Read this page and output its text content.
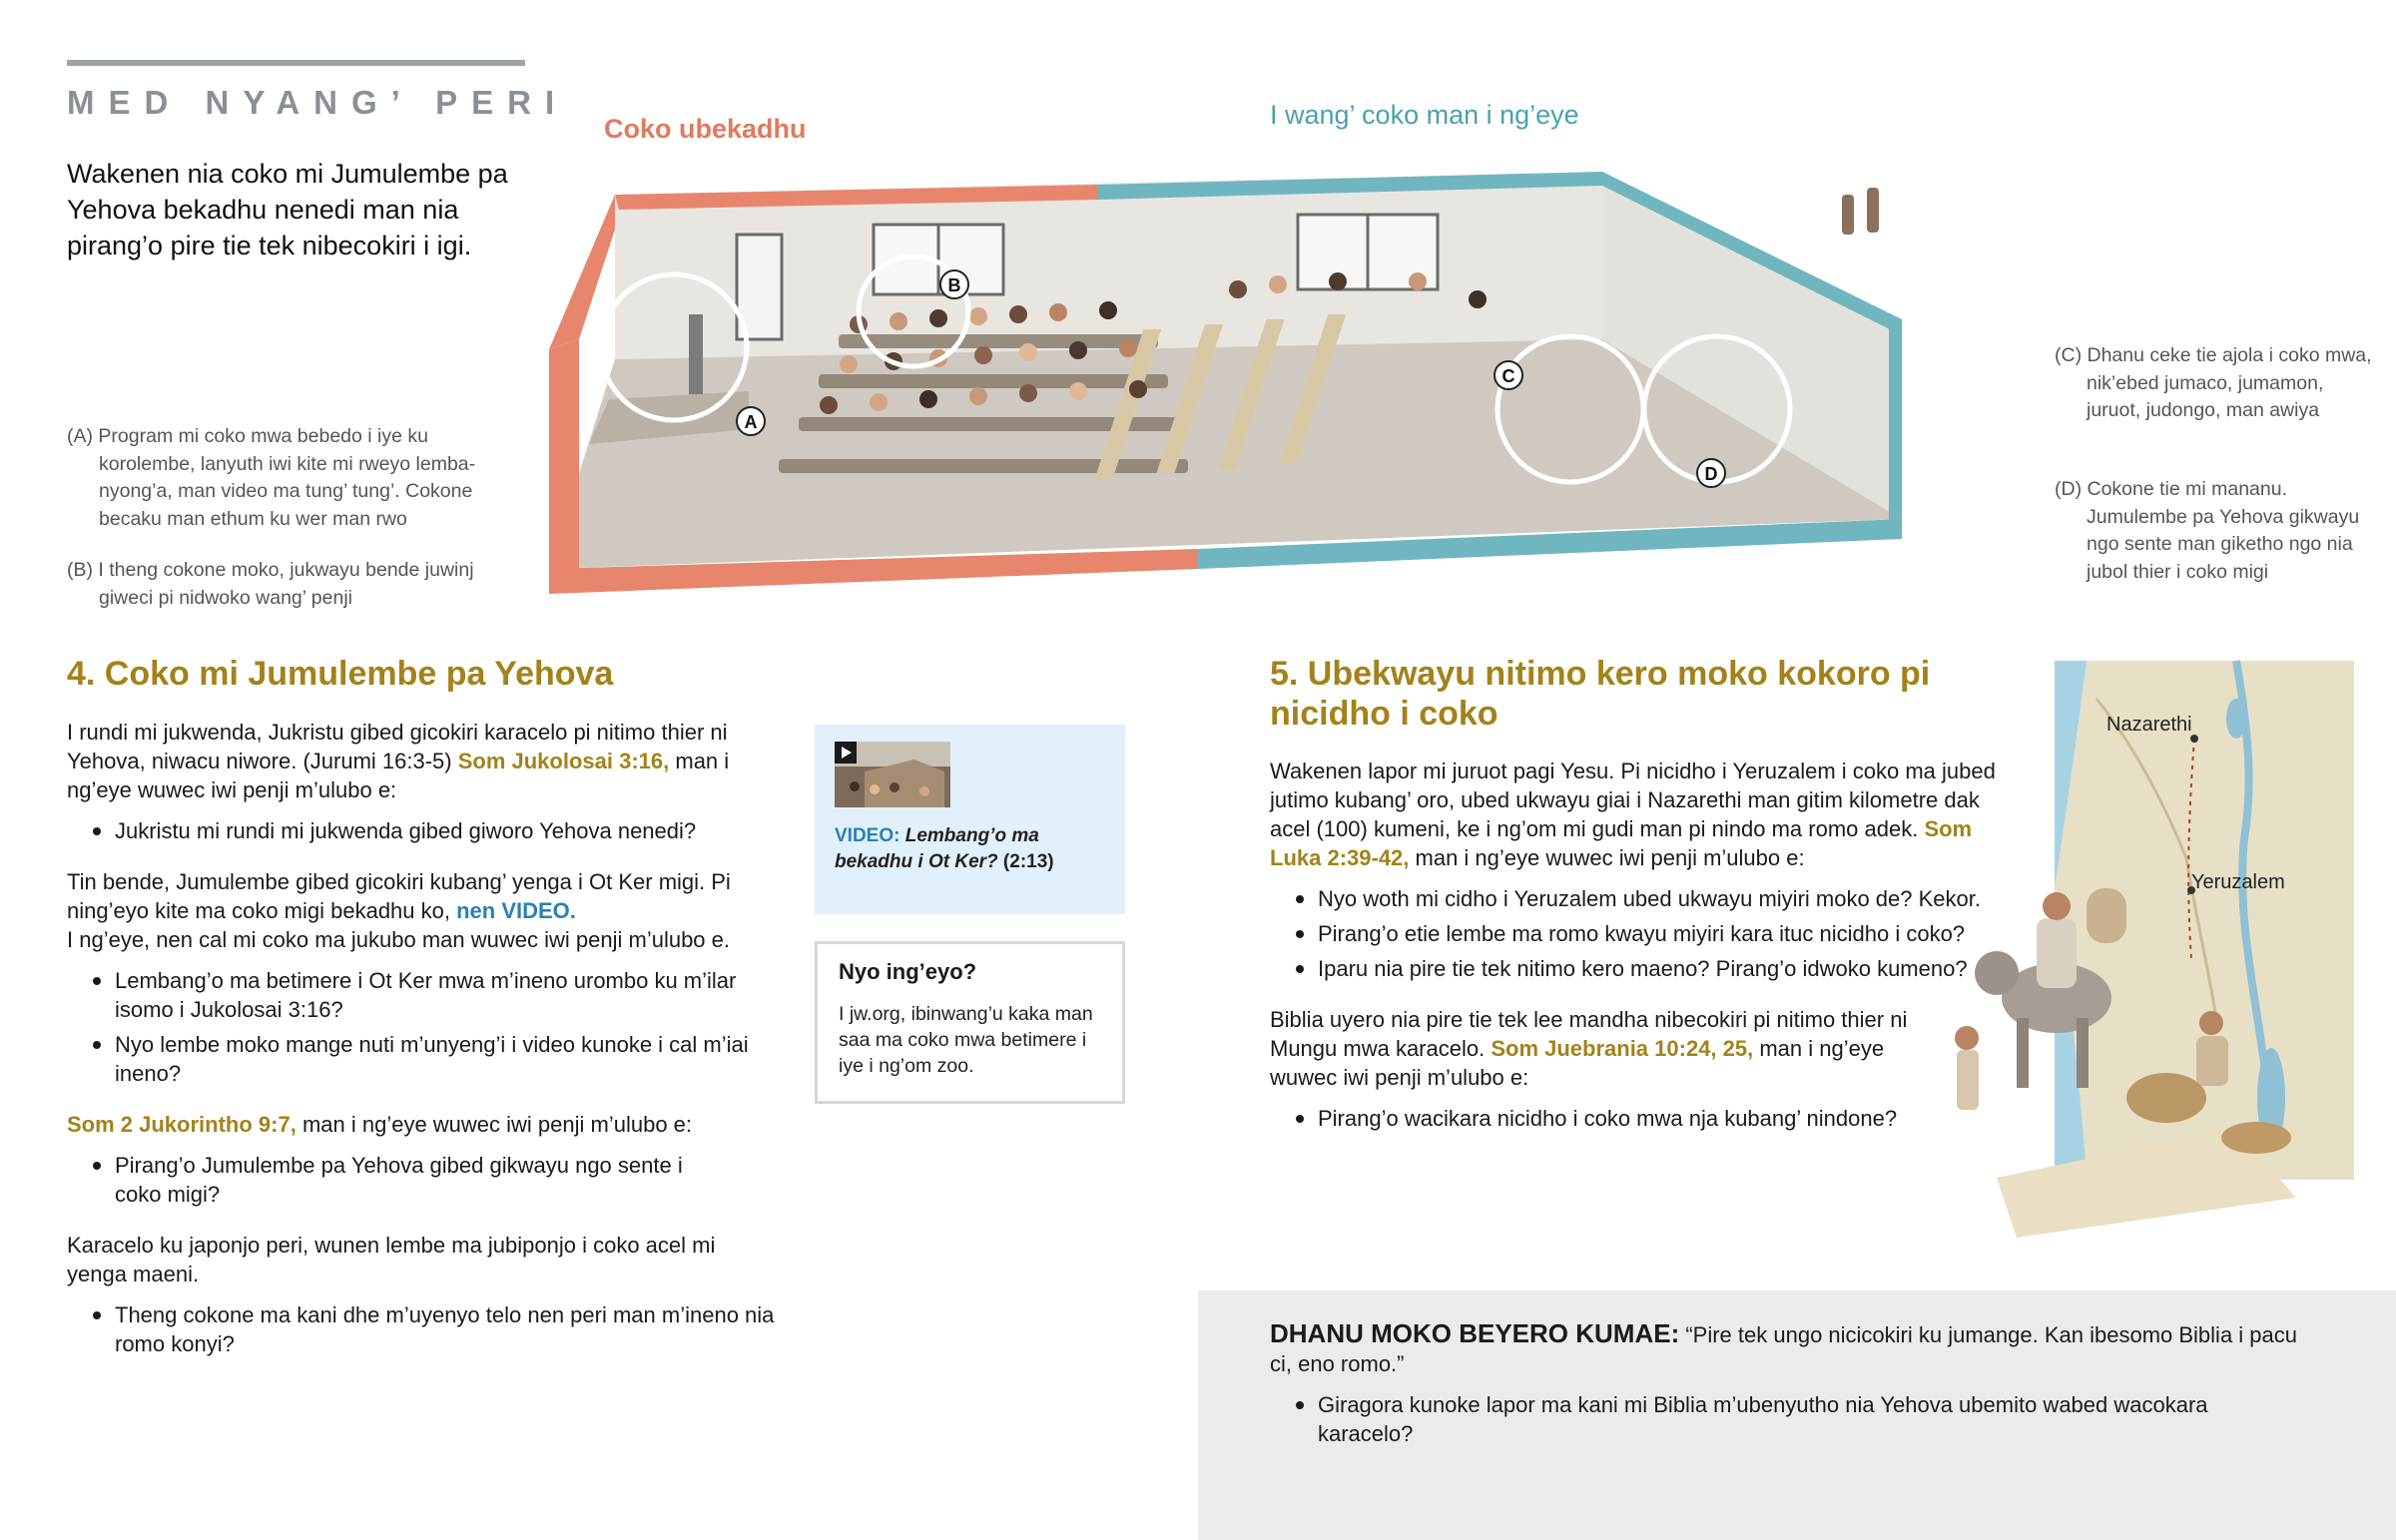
MED NYANG’ PERI
Wakenen nia coko mi Jumulembe pa Yehova bekadhu nenedi man nia pirang’o pire tie tek nibecokiri i igi.
Coko ubekadhu	I wang’ coko man i ng’eye
A
B
C
D

(A) Program mi coko mwa bebedo i iye ku korolembe, lanyuth iwi kite mi rweyo lembanyong’a, man video ma tung’ tung’. Cokone becaku man ethum ku wer man rwo

(B) I theng cokone moko, jukwayu bende juwinj giweci pi nidwoko wang’ penji

(C) Dhanu ceke tie ajola i coko mwa, nik’ebed jumaco, jumamon, juruot, judongo, man awiya

(D) Cokone tie mi mananu. Jumulembe pa Yehova gikwayu ngo sente man giketho ngo nia jubol thier i coko migi

4. Coko mi Jumulembe pa Yehova

I rundi mi jukwenda, Jukristu gibed gicokiri karacelo pi nitimo thier ni Yehova, niwacu niwore. (Jurumi 16:3-5) Som Jukolosai 3:16, man i ng’eye wuwec iwi penji m’ulubo e:

Jukristu mi rundi mi jukwenda gibed giworo Yehova nenedi?

Tin bende, Jumulembe gibed gicokiri kubang’ yenga i Ot Ker migi. Pi ning’eyo kite ma coko migi bekadhu ko, nen VIDEO.
I ng’eye, nen cal mi coko ma jukubo man wuwec iwi penji m’ulubo e.

Lembang’o ma betimere i Ot Ker mwa m’ineno urombo ku m’ilar isomo i Jukolosai 3:16?

Nyo lembe moko mange nuti m’unyeng’i i video kunoke i cal m’iai ineno?

Som 2 Jukorintho 9:7, man i ng’eye wuwec iwi penji m’ulubo e:

Pirang’o Jumulembe pa Yehova gibed gikwayu ngo sente i coko migi?

Karacelo ku japonjo peri, wunen lembe ma jubiponjo i coko acel mi yenga maeni.

Theng cokone ma kani dhe m’uyenyo telo nen peri man m’ineno nia romo konyi?

VIDEO: Lembang’o ma bekadhu i Ot Ker? (2:13)
Nyo ing’eyo?
I jw.org, ibinwang’u kaka man saa ma coko mwa betimere i iye i ng’om zoo.
5. Ubekwayu nitimo kero moko kokoro pi nicidho i coko

Wakenen lapor mi juruot pagi Yesu. Pi nicidho i Yeruzalem i coko ma jubed jutimo kubang’ oro, ubed ukwayu giai i Nazarethi man gitim kilometre dak acel (100) kumeni, ke i ng’om mi gudi man pi nindo ma romo adek. Som Luka 2:39-42, man i ng’eye wuwec iwi penji m’ulubo e:

Nyo woth mi cidho i Yeruzalem ubed ukwayu miyiri moko de? Kekor.

Pirang’o etie lembe ma romo kwayu miyiri kara ituc nicidho i coko?

Iparu nia pire tie tek nitimo kero maeno? Pirang’o idwoko kumeno?

Biblia uyero nia pire tie tek lee mandha nibecokiri pi nitimo thier ni Mungu mwa karacelo. Som Juebrania 10:24, 25, man i ng’eye wuwec iwi penji m’ulubo e:

Pirang’o wacikara nicidho i coko mwa nja kubang’ nindone?

Nazarethi
Yeruzalem

DHANU MOKO BEYERO KUMAE: “Pire tek ungo nicicokiri ku jumange. Kan ibesomo Biblia i pacu ci, eno romo.”

Giragora kunoke lapor ma kani mi Biblia m’ubenyutho nia Yehova ubemito wabed wacokara karacelo?
